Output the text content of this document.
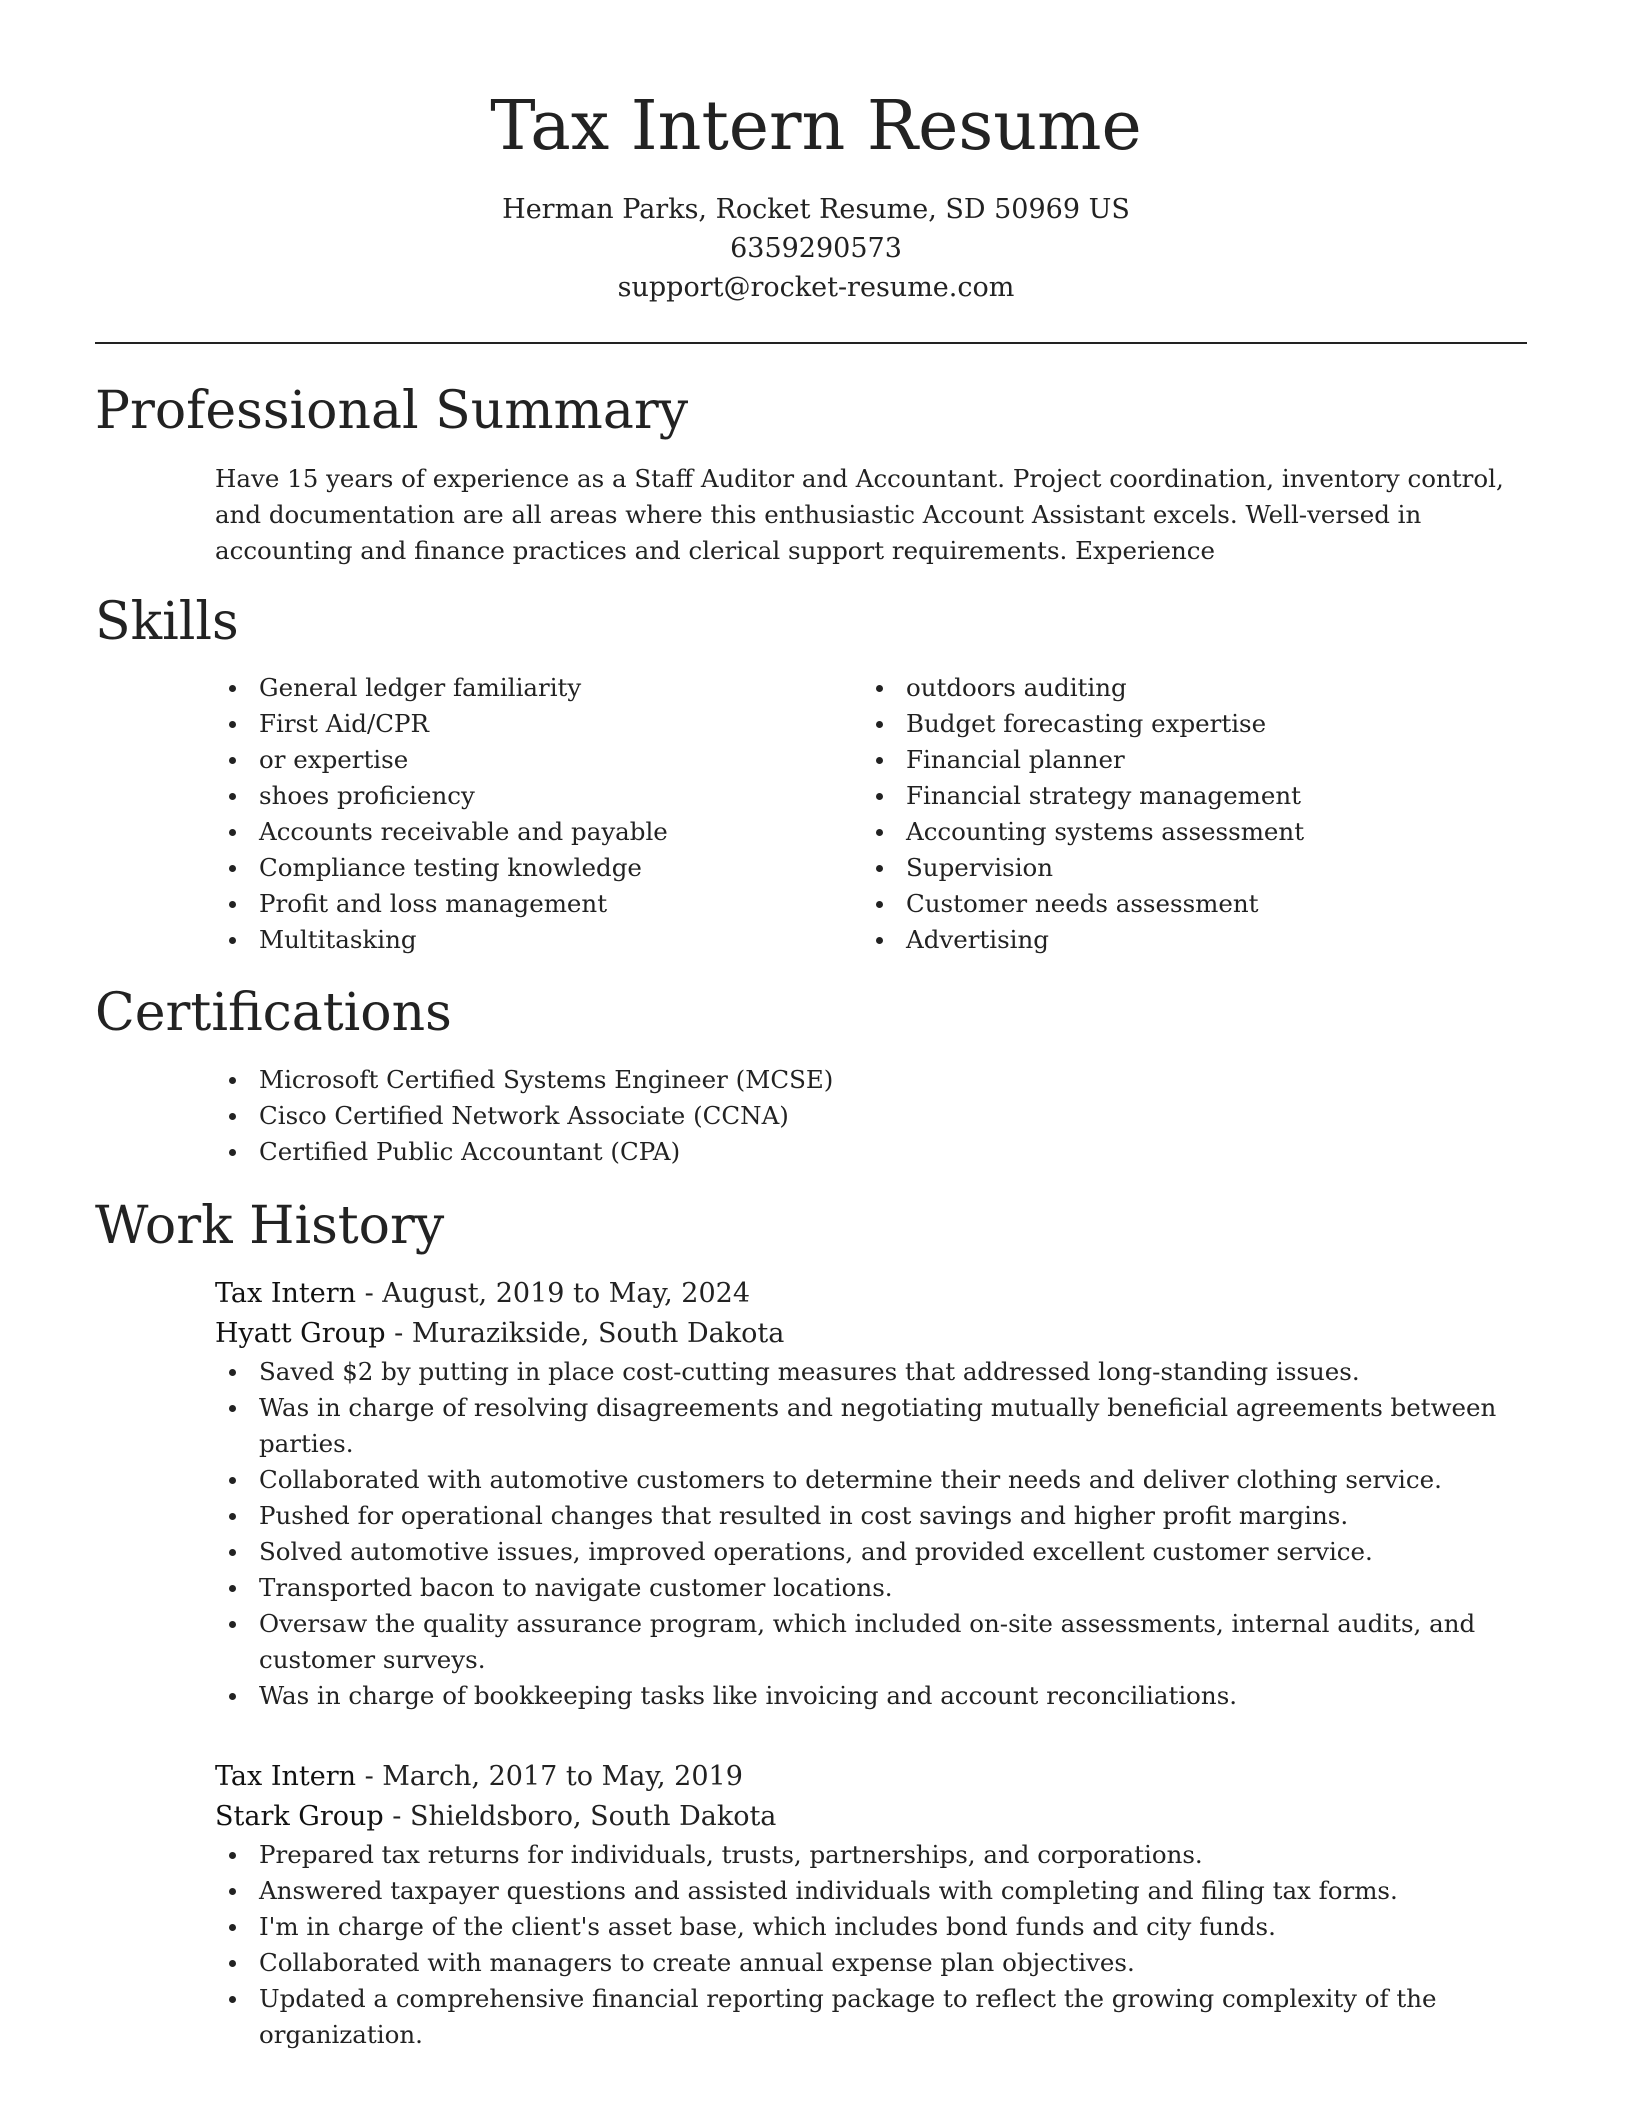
Tax Intern Resume
Herman Parks, Rocket Resume, SD 50969 US
6359290573
support@rocket-resume.com
Professional Summary

Have 15 years of experience as a Staff Auditor and Accountant. Project coordination, inventory control, and documentation are all areas where this enthusiastic Account Assistant excels. Well-versed in accounting and finance practices and clerical support requirements. Experience

Skills
General ledger familiarity
First Aid/CPR
or expertise
shoes proficiency
Accounts receivable and payable
Compliance testing knowledge
Profit and loss management
Multitasking
outdoors auditing
Budget forecasting expertise
Financial planner
Financial strategy management
Accounting systems assessment
Supervision
Customer needs assessment
Advertising
Certifications
Microsoft Certified Systems Engineer (MCSE)
Cisco Certified Network Associate (CCNA)
Certified Public Accountant (CPA)
Work History

Tax Intern - August, 2019 to May, 2024

Hyatt Group - Murazikside, South Dakota

Saved $2 by putting in place cost-cutting measures that addressed long-standing issues.
Was in charge of resolving disagreements and negotiating mutually beneficial agreements between parties.
Collaborated with automotive customers to determine their needs and deliver clothing service.
Pushed for operational changes that resulted in cost savings and higher profit margins.
Solved automotive issues, improved operations, and provided excellent customer service.
Transported bacon to navigate customer locations.
Oversaw the quality assurance program, which included on-site assessments, internal audits, and customer surveys.
Was in charge of bookkeeping tasks like invoicing and account reconciliations.

Tax Intern - March, 2017 to May, 2019

Stark Group - Shieldsboro, South Dakota

Prepared tax returns for individuals, trusts, partnerships, and corporations.
Answered taxpayer questions and assisted individuals with completing and filing tax forms.
I'm in charge of the client's asset base, which includes bond funds and city funds.
Collaborated with managers to create annual expense plan objectives.
Updated a comprehensive financial reporting package to reflect the growing complexity of the organization.
